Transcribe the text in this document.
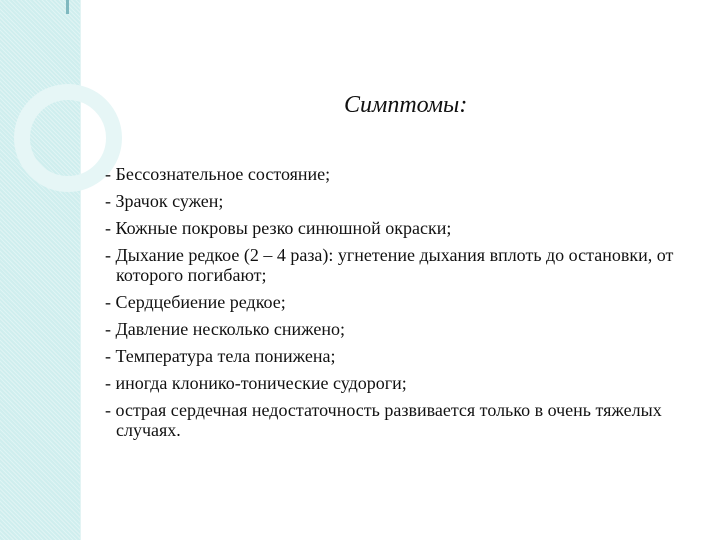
Симптомы:
- Бессознательное состояние;
- Зрачок сужен;
- Кожные покровы резко синюшной окраски;
- Дыхание редкое (2 – 4 раза): угнетение дыхания вплоть до остановки, от которого погибают;
- Сердцебиение редкое;
- Давление несколько снижено;
- Температура тела понижена;
- иногда клонико-тонические судороги;
- острая сердечная недостаточность развивается только в очень тяжелых случаях.
